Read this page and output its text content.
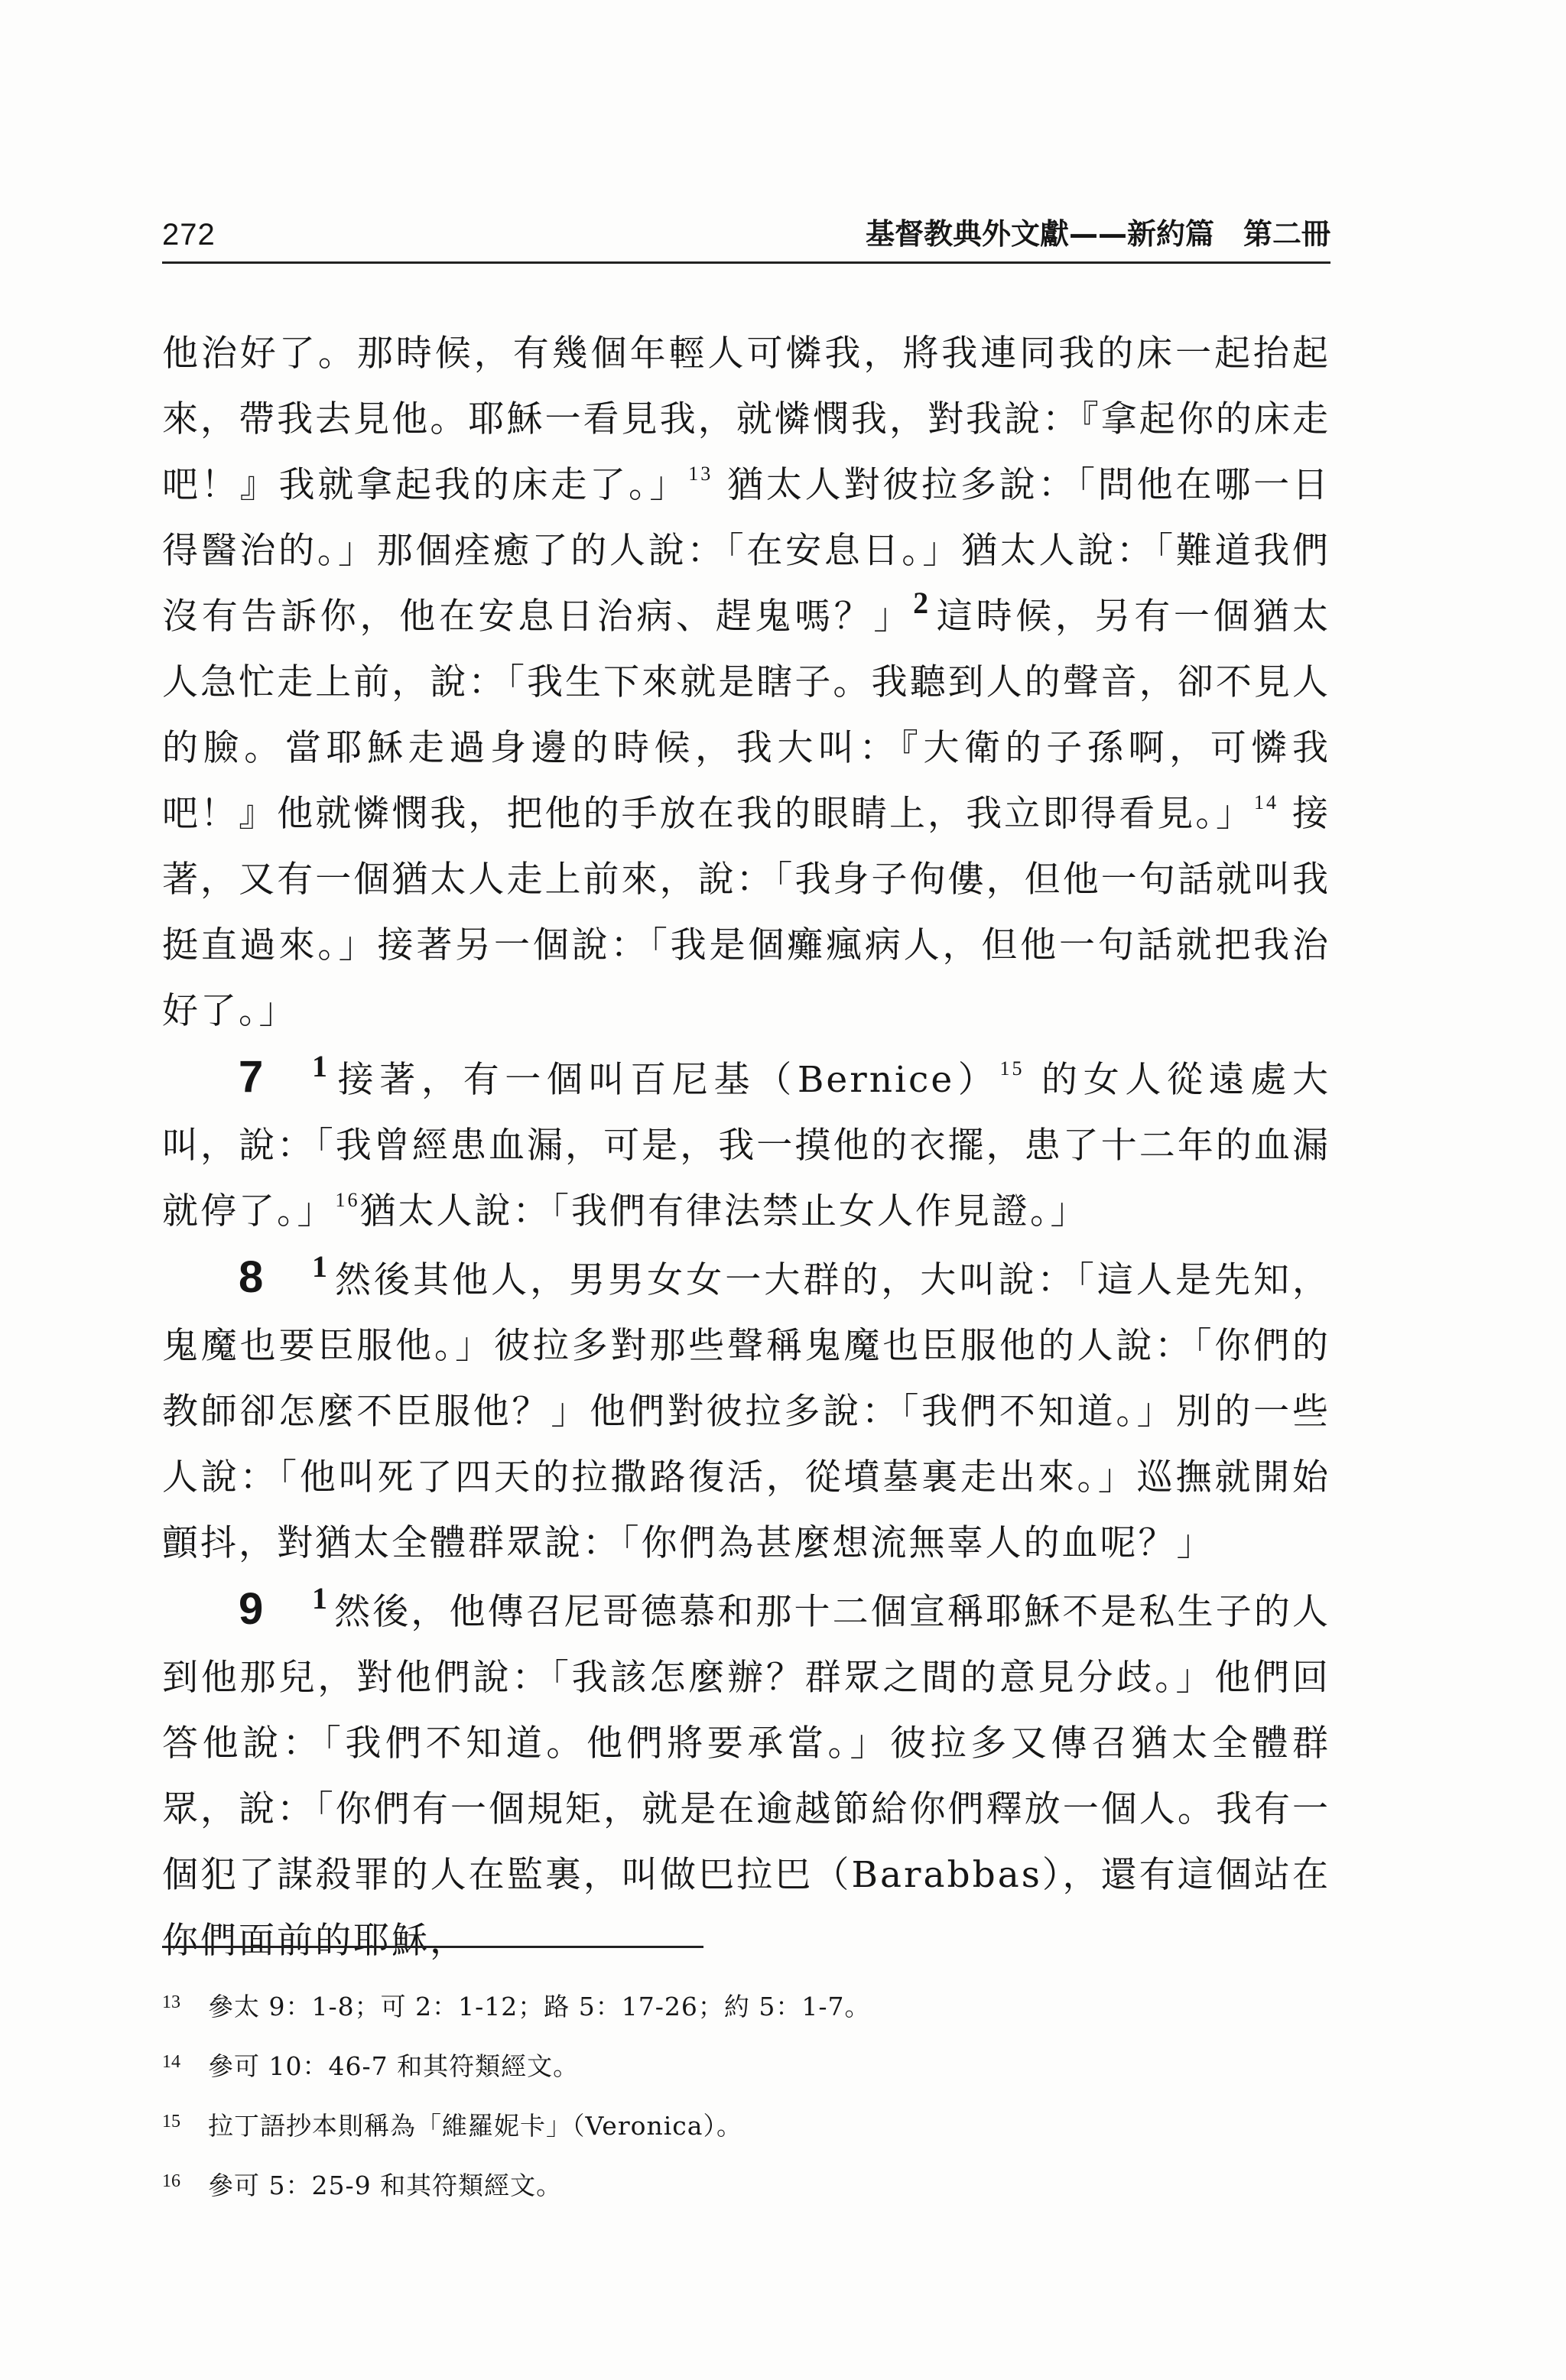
272	基督教典外文獻——新約篇　第二冊

他治好了。那時候，有幾個年輕人可憐我，將我連同我的床一起抬起來，帶我去見他。耶穌一看見我，就憐憫我，對我說：『拿起你的床走吧！』我就拿起我的床走了。」$^{13}$ 猶太人對彼拉多說：「問他在哪一日得醫治的。」那個痊癒了的人說：「在安息日。」猶太人說：「難道我們沒有告訴你，他在安息日治病、趕鬼嗎？」2 這時候，另有一個猶太人急忙走上前，說：「我生下來就是瞎子。我聽到人的聲音，卻不見人的臉。當耶穌走過身邊的時候，我大叫：『大衛的子孫啊，可憐我吧！』他就憐憫我，把他的手放在我的眼睛上，我立即得看見。」$^{14}$ 接著，又有一個猶太人走上前來，說：「我身子佝僂，但他一句話就叫我挺直過來。」接著另一個說：「我是個癱瘋病人，但他一句話就把我治好了。」

7 1 接著，有一個叫百尼基（Bernice）$^{15}$ 的女人從遠處大叫，說：「我曾經患血漏，可是，我一摸他的衣擺，患了十二年的血漏就停了。」$^{16}$猶太人說：「我們有律法禁止女人作見證。」

8 1 然後其他人，男男女女一大群的，大叫說：「這人是先知，鬼魔也要臣服他。」彼拉多對那些聲稱鬼魔也臣服他的人說：「你們的教師卻怎麼不臣服他？」他們對彼拉多說：「我們不知道。」別的一些人說：「他叫死了四天的拉撒路復活，從墳墓裏走出來。」巡撫就開始顫抖，對猶太全體群眾說：「你們為甚麼想流無辜人的血呢？」

9 1 然後，他傳召尼哥德慕和那十二個宣稱耶穌不是私生子的人到他那兒，對他們說：「我該怎麼辦？群眾之間的意見分歧。」他們回答他說：「我們不知道。他們將要承當。」彼拉多又傳召猶太全體群眾，說：「你們有一個規矩，就是在逾越節給你們釋放一個人。我有一個犯了謀殺罪的人在監裏，叫做巴拉巴（Barabbas），還有這個站在你們面前的耶穌，

13 參太 9：1-8；可 2：1-12；路 5：17-26；約 5：1-7。
14 參可 10：46-7 和其符類經文。
15 拉丁語抄本則稱為「維羅妮卡」（Veronica）。
16 參可 5：25-9 和其符類經文。
